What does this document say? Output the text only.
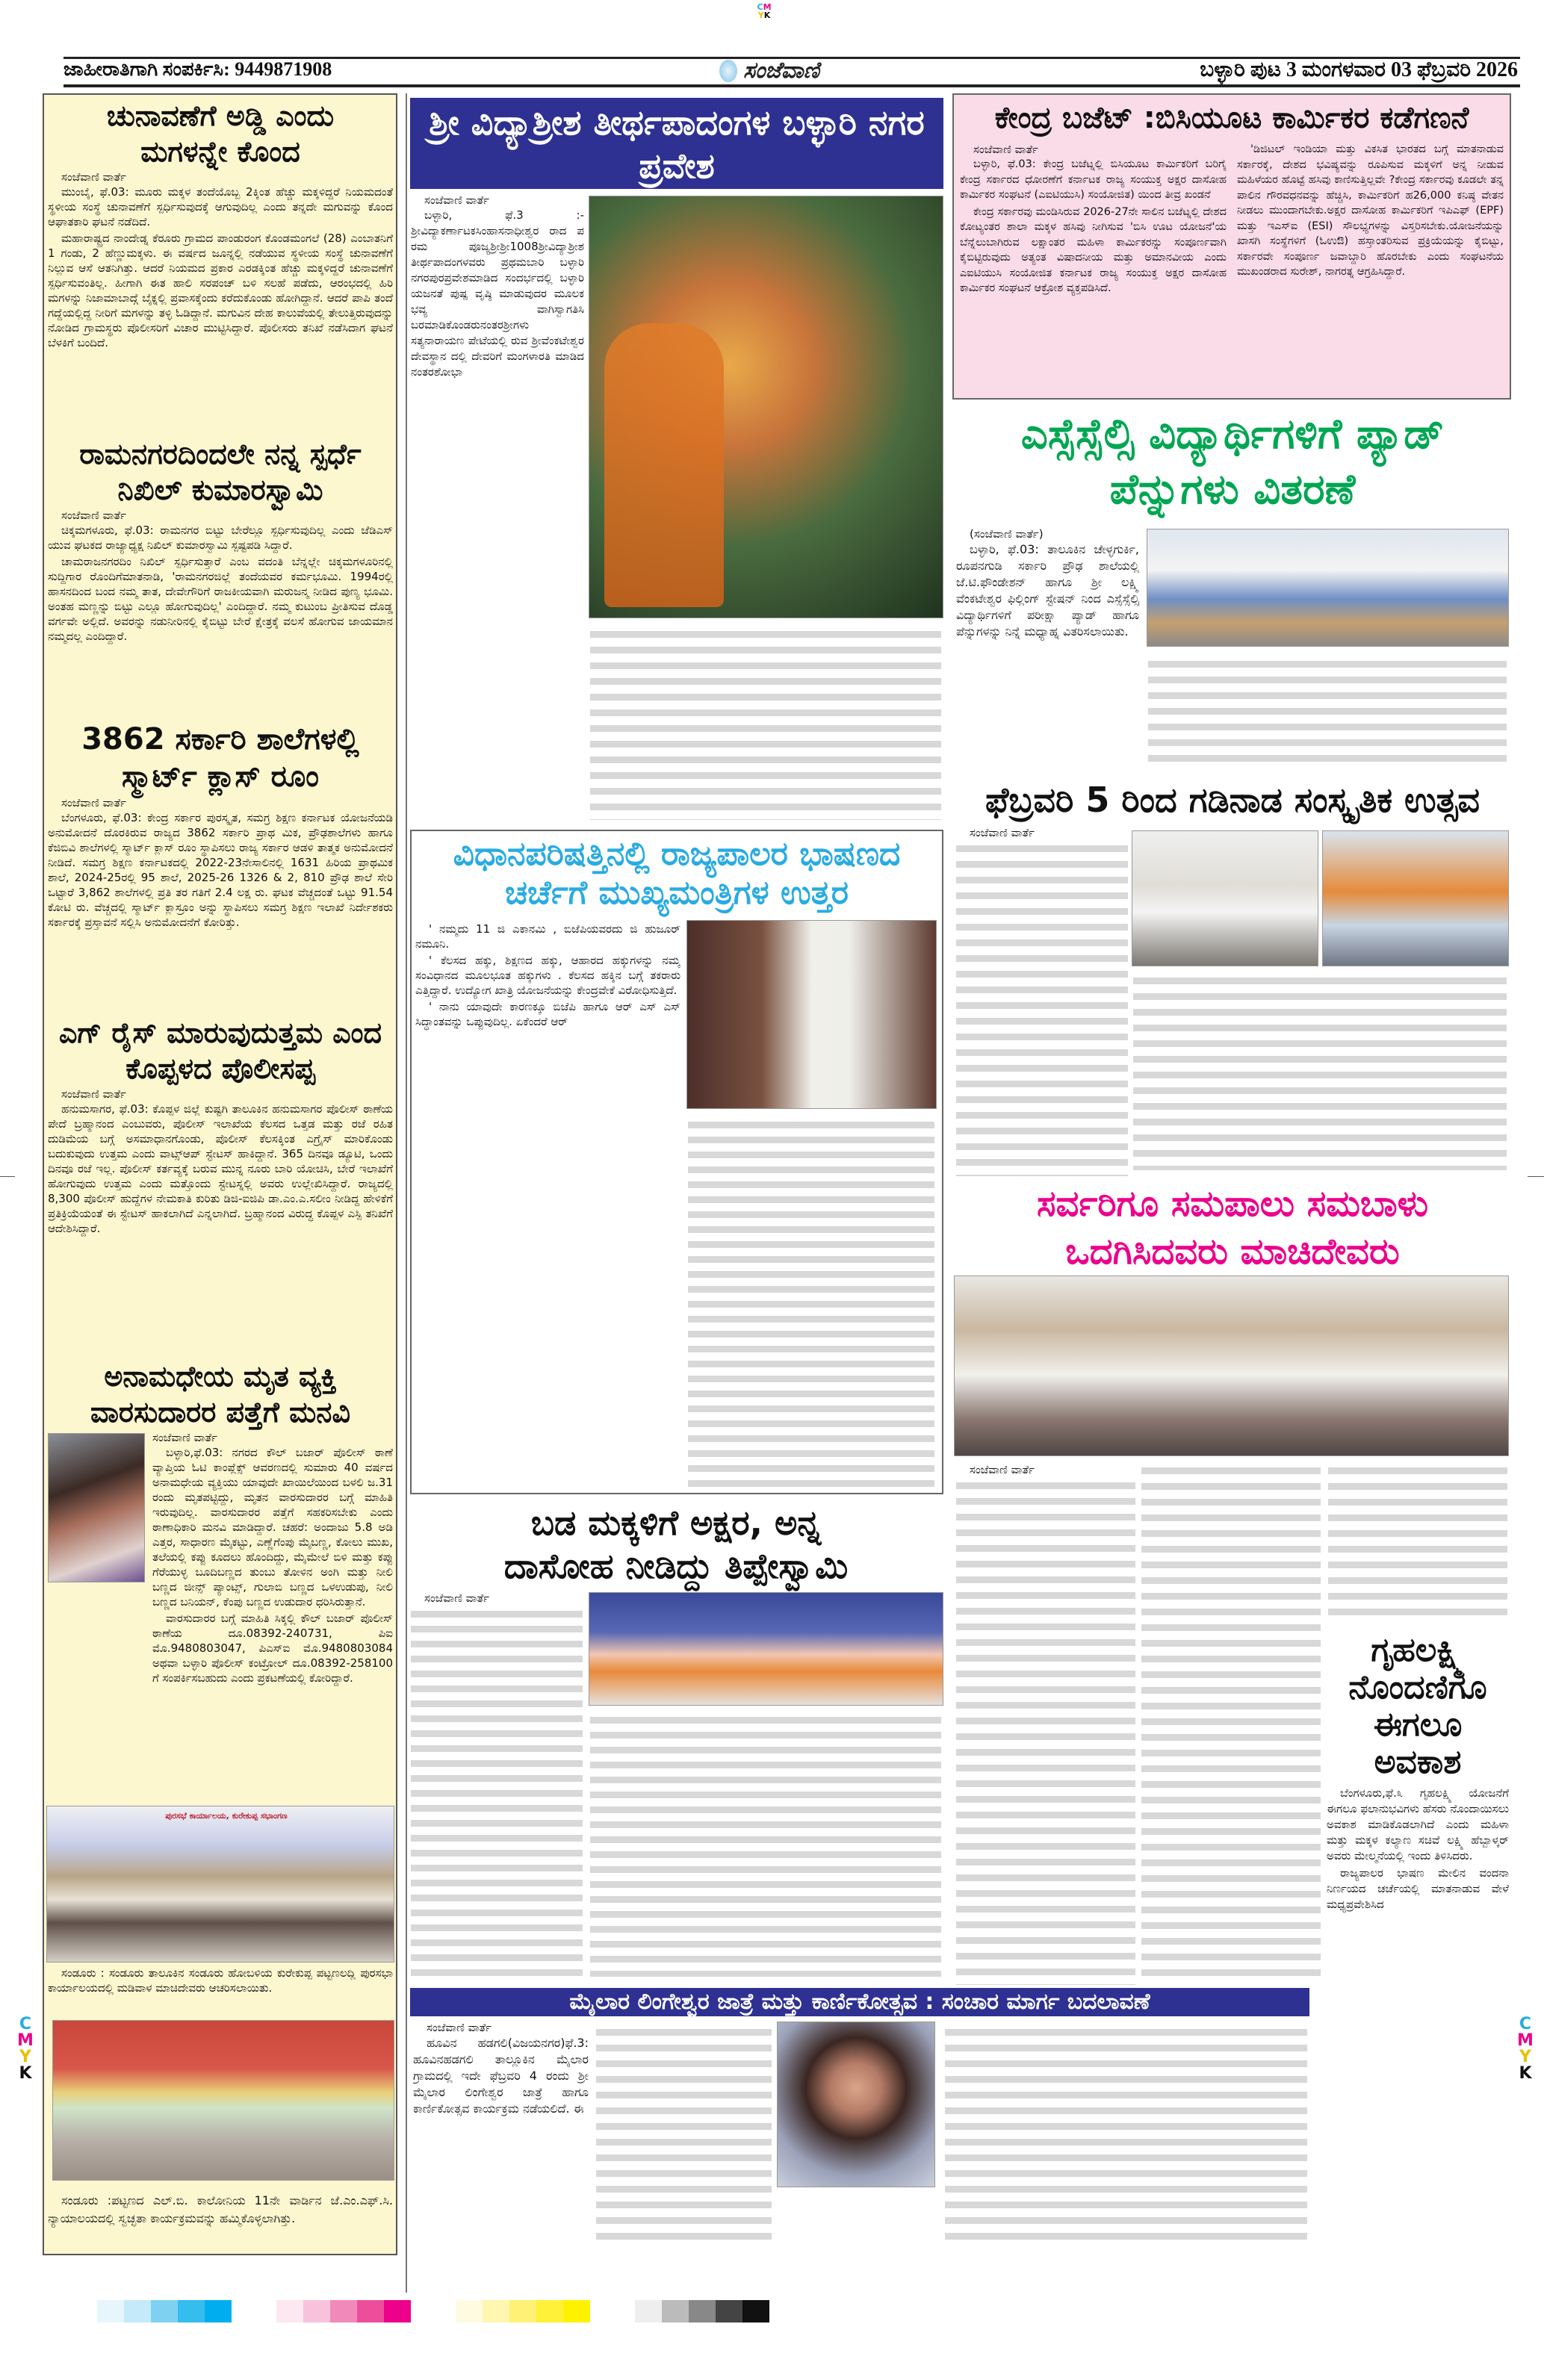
CM
YK
C
M
Y
K
C
M
Y
K
ಜಾಹೀರಾತಿಗಾಗಿ ಸಂಪರ್ಕಿಸಿ: 9449871908	ಸಂಜೆವಾಣಿ	ಬಳ್ಳಾರಿ ಪುಟ 3 ಮಂಗಳವಾರ 03 ಫೆಬ್ರವರಿ 2026
ಚುನಾವಣೆಗೆ ಅಡ್ಡಿ ಎಂದು ಮಗಳನ್ನೇ ಕೊಂದ
ಸಂಜೆವಾಣಿ ವಾರ್ತೆ

ಮುಂಬೈ, ಫೆ.03: ಮೂರು ಮಕ್ಕಳ ತಂದೆಯೊಬ್ಬ 2ಕ್ಕಿಂತ ಹೆಚ್ಚು ಮಕ್ಕಳಿದ್ದರೆ ನಿಯಮದಂತೆ ಸ್ಥಳೀಯ ಸಂಸ್ಥೆ ಚುನಾವಣೆಗೆ ಸ್ಪರ್ಧಿಸುವುದಕ್ಕೆ ಆಗುವುದಿಲ್ಲ ಎಂದು ತನ್ನದೇ ಮಗುವನ್ನು ಕೊಂದ ಆಘಾತಕಾರಿ ಘಟನೆ ನಡೆದಿದೆ.

ಮಹಾರಾಷ್ಟ್ರದ ನಾಂದೇಡ್ನ ಕೆರೂರು ಗ್ರಾಮದ ಪಾಂಡುರಂಗ ಕೊಂಡಮಂಗಲೆ (28) ಎಂಬಾತನಿಗೆ 1 ಗಂಡು, 2 ಹೆಣ್ಣುಮಕ್ಕಳು. ಈ ವರ್ಷದ ಜೂನ್ನಲ್ಲಿ ನಡೆಯುವ ಸ್ಥಳೀಯ ಸಂಸ್ಥೆ ಚುನಾವಣೆಗೆ ನಿಲ್ಲುವ ಆಸೆ ಆತನಿಗಿತ್ತು. ಆದರೆ ನಿಯಮದ ಪ್ರಕಾರ ಎರಡಕ್ಕಿಂತ ಹೆಚ್ಚು ಮಕ್ಕಳಿದ್ದರೆ ಚುನಾವಣೆಗೆ ಸ್ಪರ್ಧಿಸುವಂತಿಲ್ಲ. ಹೀಗಾಗಿ ಈತ ಹಾಲಿ ಸರಪಂಚ್ ಬಳಿ ಸಲಹೆ ಪಡೆದು, ಆರಂಭದಲ್ಲಿ ಹಿರಿ ಮಗಳನ್ನು ನಿಜಾಮಾಬಾದ್ಗೆ ಬೈಕ್ನಲ್ಲಿ ಪ್ರವಾಸಕ್ಕೆಂದು ಕರೆದುಕೊಂಡು ಹೋಗಿದ್ದಾನೆ. ಆದರೆ ಪಾಪಿ ತಂದೆ ಗದ್ದೆಯಲ್ಲಿದ್ದ ನೀರಿಗೆ ಮಗಳನ್ನು ತಳ್ಳಿ ಓಡಿದ್ದಾನೆ. ಮಗುವಿನ ದೇಹ ಕಾಲುವೆಯಲ್ಲಿ ತೇಲುತ್ತಿರುವುದನ್ನು ನೋಡಿದ ಗ್ರಾಮಸ್ಥರು ಪೊಲೀಸರಿಗೆ ವಿಚಾರ ಮುಟ್ಟಿಸಿದ್ದಾರೆ. ಪೊಲೀಸರು ತನಿಖೆ ನಡೆಸಿದಾಗ ಘಟನೆ ಬೆಳಕಿಗೆ ಬಂದಿದೆ.

ರಾಮನಗರದಿಂದಲೇ ನನ್ನ ಸ್ಪರ್ಧೆ ನಿಖಿಲ್ ಕುಮಾರಸ್ವಾಮಿ
ಸಂಜೆವಾಣಿ ವಾರ್ತೆ

ಚಿಕ್ಕಮಗಳೂರು, ಫೆ.03: ರಾಮನಗರ ಬಿಟ್ಟು ಬೇರೆಲ್ಲೂ ಸ್ಪರ್ಧಿಸುವುದಿಲ್ಲ ಎಂದು ಜೆಡಿಎಸ್ ಯುವ ಘಟಕದ ರಾಜ್ಯಾಧ್ಯಕ್ಷ ನಿಖಿಲ್ ಕುಮಾರಸ್ವಾಮಿ ಸ್ಪಷ್ಟಪಡಿ ಸಿದ್ದಾರೆ.

ಚಾಮರಾಜನಗರದಿಂ ನಿಖಿಲ್ ಸ್ಪರ್ಧಿಸುತ್ತಾರೆ ಎಂಬ ವದಂತಿ ಬೆನ್ನಲ್ಲೇ ಚಿಕ್ಕಮಗಳೂರಿನಲ್ಲಿ ಸುದ್ದಿಗಾರ ರೊಂದಿಗೆಮಾತನಾಡಿ, 'ರಾಮನಗರಜಿಲ್ಲೆ ತಂದೆಯವರ ಕರ್ಮಭೂಮಿ. 1994ರಲ್ಲಿ ಹಾಸನದಿಂದ ಬಂದ ನಮ್ಮ ತಾತ, ದೇವೇಗೌರಿಗೆ ರಾಜಕೀಯವಾಗಿ ಮರುಜನ್ಮ ನೀಡಿದ ಪುಣ್ಯ ಭೂಮಿ. ಅಂತಹ ಮಣ್ಣನ್ನು ಬಿಟ್ಟು ಎಲ್ಲೂ ಹೋಗುವುದಿಲ್ಲ' ಎಂದಿದ್ದಾರೆ. ನಮ್ಮ ಕುಟುಂಬ ಪ್ರೀತಿಸುವ ದೊಡ್ಡ ವರ್ಗವೇ ಅಲ್ಲಿದೆ. ಅವರನ್ನು ನಡುನೀರಿನಲ್ಲಿ ಕೈಬಿಟ್ಟು ಬೇರೆ ಕ್ಷೇತ್ರಕ್ಕೆ ವಲಸೆ ಹೋಗುವ ಜಾಯಮಾನ ನಮ್ಮದಲ್ಲ ಎಂದಿದ್ದಾರೆ.

3862 ಸರ್ಕಾರಿ ಶಾಲೆಗಳಲ್ಲಿ ಸ್ಮಾರ್ಟ್ ಕ್ಲಾಸ್ ರೂಂ
ಸಂಜೆವಾಣಿ ವಾರ್ತೆ

ಬೆಂಗಳೂರು, ಫೆ.03: ಕೇಂದ್ರ ಸರ್ಕಾರ ಪುರಸ್ಕೃತ, ಸಮಗ್ರ ಶಿಕ್ಷಣ ಕರ್ನಾಟಕ ಯೋಜನೆಯಡಿ ಅನುಮೋದನೆ ದೊರಕಿರುವ ರಾಜ್ಯದ 3862 ಸರ್ಕಾರಿ ಪ್ರಾಥ ಮಿಕ, ಪ್ರೌಢಶಾಲೆಗಳು ಹಾಗೂ ಕೆಜಿಬಿವಿ ಶಾಲೆಗಳಲ್ಲಿ ಸ್ಮಾರ್ಟ್ ಕ್ಲಾಸ್ ರೂಂ ಸ್ಥಾಪಿಸಲು ರಾಜ್ಯ ಸರ್ಕಾರ ಆಡಳಿ ತಾತ್ಮಕ ಅನುಮೋದನೆ ನೀಡಿದೆ. ಸಮಗ್ರ ಶಿಕ್ಷಣ ಕರ್ನಾಟಕದಲ್ಲಿ 2022-23ನೇಸಾಲಿನಲ್ಲಿ 1631 ಹಿರಿಯ ಪ್ರಾಥಮಿಕ ಶಾಲೆ, 2024-25ರಲ್ಲಿ 95 ಶಾಲೆ, 2025-26 1326 & 2, 810 ಪ್ರೌಢ ಶಾಲೆ ಸೇರಿ ಒಟ್ಟಾರೆ 3,862 ಶಾಲೆಗಳಲ್ಲಿ ಪ್ರತಿ ತರ ಗತಿಗೆ 2.4 ಲಕ್ಷ ರು. ಘಟಕ ವೆಚ್ಚದಂತೆ ಒಟ್ಟು 91.54 ಕೋಟಿ ರು. ವೆಚ್ಚದಲ್ಲಿ ಸ್ಮಾರ್ಟ್ ಕ್ಲಾಸ್ರೂಂ ಅನ್ನು ಸ್ಥಾಪಿಸಲು ಸಮಗ್ರ ಶಿಕ್ಷಣ ಇಲಾಖೆ ನಿರ್ದೇಶಕರು ಸರ್ಕಾರಕ್ಕೆ ಪ್ರಸ್ತಾವನೆ ಸಲ್ಲಿಸಿ ಅನುಮೋದನೆಗೆ ಕೋರಿತ್ತು.

ಎಗ್ ರೈಸ್ ಮಾರುವುದುತ್ತಮ ಎಂದ ಕೊಪ್ಪಳದ ಪೊಲೀಸಪ್ಪ
ಸಂಜೆವಾಣಿ ವಾರ್ತೆ

ಹನುಮಸಾಗರ, ಫೆ.03: ಕೊಪ್ಪಳ ಜಿಲ್ಲೆ ಕುಷ್ಟಗಿ ತಾಲೂಕಿನ ಹನುಮಸಾಗರ ಪೊಲೀಸ್ ಠಾಣೆಯ ಪೇದೆ ಬ್ರಹ್ಮಾನಂದ ಎಂಬುವರು, ಪೊಲೀಸ್ ಇಲಾಖೆಯ ಕೆಲಸದ ಒತ್ತಡ ಮತ್ತು ರಜೆ ರಹಿತ ದುಡಿಮೆಯ ಬಗ್ಗೆ ಅಸಮಾಧಾನಗೊಂಡು, ಪೊಲೀಸ್ ಕೆಲಸಕ್ಕಿಂತ ಎಗ್ರೈಸ್ ಮಾರಿಕೊಂಡು ಬದುಕುವುದು ಉತ್ತಮ ಎಂದು ವಾಟ್ಸ್ಆಪ್ ಸ್ಟೇಟಸ್ ಹಾಕಿದ್ದಾನೆ. 365 ದಿನವೂ ಡ್ಯೂಟಿ, ಒಂದು ದಿನವೂ ರಜೆ ಇಲ್ಲ. ಪೊಲೀಸ್ ಕರ್ತವ್ಯಕ್ಕೆ ಬರುವ ಮುನ್ನ ನೂರು ಬಾರಿ ಯೋಚಿಸಿ, ಬೇರೆ ಇಲಾಖೆಗೆ ಹೋಗುವುದು ಉತ್ತಮ ಎಂದು ಮತ್ತೊಂದು ಸ್ಟೇಟಸ್ನಲ್ಲಿ ಅವರು ಉಲ್ಲೇಖಿಸಿದ್ದಾರೆ. ರಾಜ್ಯದಲ್ಲಿ 8,300 ಪೊಲೀಸ್ ಹುದ್ದೆಗಳ ನೇಮಕಾತಿ ಕುರಿತು ಡಿಜಿ-ಐಜಿಪಿ ಡಾ.ಎಂ.ಎ.ಸಲೀಂ ನೀಡಿದ್ದ ಹೇಳಿಕೆಗೆ ಪ್ರತಿಕ್ರಿಯೆಯಂತೆ ಈ ಸ್ಟೇಟಸ್ ಹಾಕಲಾಗಿದೆ ಎನ್ನಲಾಗಿದೆ. ಬ್ರಹ್ಮಾನಂದ ವಿರುದ್ಧ ಕೊಪ್ಪಳ ಎಸ್ಪಿ ತನಿಖೆಗೆ ಆದೇಶಿಸಿದ್ದಾರೆ.

ಅನಾಮಧೇಯ ಮೃತ ವ್ಯಕ್ತಿ ವಾರಸುದಾರರ ಪತ್ತೆಗೆ ಮನವಿ
ಸಂಜೆವಾಣಿ ವಾರ್ತೆ

ಬಳ್ಳಾರಿ,ಫೆ.03: ನಗರದ ಕೌಲ್ ಬಜಾರ್ ಪೊಲೀಸ್ ಠಾಣೆ ವ್ಯಾಪ್ತಿಯ ಓಟಿ ಕಾಂಪ್ಲೆಕ್ಸ್ ಆವರಣದಲ್ಲಿ ಸುಮಾರು 40 ವರ್ಷದ ಅನಾಮಧೇಯ ವ್ಯಕ್ತಿಯು ಯಾವುದೇ ಖಾಯಿಲೆಯಿಂದ ಬಳಲಿ ಜ.31 ರಂದು ಮೃತಪಟ್ಟಿದ್ದು, ಮೃತನ ವಾರಸುದಾರರ ಬಗ್ಗೆ ಮಾಹಿತಿ ಇರುವುದಿಲ್ಲ. ವಾರಸುದಾರರ ಪತ್ತೆಗೆ ಸಹಕರಿಸಬೇಕು ಎಂದು ಠಾಣಾಧಿಕಾರಿ ಮನವಿ ಮಾಡಿದ್ದಾರೆ. ಚಹರೆ: ಅಂದಾಜು 5.8 ಅಡಿ ಎತ್ತರ, ಸಾಧಾರಣ ಮೈಕಟ್ಟು, ಎಣ್ಣೆಗೆಂಪು ಮೈಬಣ್ಣ, ಕೋಲು ಮುಖ, ತಲೆಯಲ್ಲಿ ಕಪ್ಪು ಕೂದಲು ಹೊಂದಿದ್ದು, ಮೈಮೇಲೆ ಬಿಳಿ ಮತ್ತು ಕಪ್ಪು ಗೆರೆಯುಳ್ಳ ಬೂದಿಬಣ್ಣದ ತುಂಬು ತೋಳಿನ ಅಂಗಿ ಮತ್ತು ನೀಲಿ ಬಣ್ಣದ ಜೀನ್ಸ್ ಪ್ಯಾಂಟ್ಸ್, ಗುಲಾಬಿ ಬಣ್ಣದ ಒಳಉಡುಪು, ನೀಲಿ ಬಣ್ಣದ ಬನಿಯನ್, ಕೆಂಪು ಬಣ್ಣದ ಉಡುದಾರ ಧರಿಸಿರುತ್ತಾನೆ.

ವಾರಸುದಾರರ ಬಗ್ಗೆ ಮಾಹಿತಿ ಸಿಕ್ಕಲ್ಲಿ ಕೌಲ್ ಬಜಾರ್ ಪೊಲೀಸ್ ಠಾಣೆಯ ದೂ.08392-240731, ಪಿಐ ಮೊ.9480803047, ಪಿಎಸ್ಐ ಮೊ.9480803084 ಅಥವಾ ಬಳ್ಳಾರಿ ಪೊಲೀಸ್ ಕಂಟ್ರೋಲ್ ದೂ.08392-258100 ಗೆ ಸಂಪರ್ಕಿಸಬಹುದು ಎಂದು ಪ್ರಕಟಣೆಯಲ್ಲಿ ಕೋರಿದ್ದಾರೆ.

ಪುರಸಭೆ ಕಾರ್ಯಾಲಯ, ಕುರೇಕುಪ್ಪ ಸಭಾಂಗಣ
ಸಂಡೂರು : ಸಂಡೂರು ತಾಲೂಕಿನ ಸಂಡೂರು ಹೋಬಳಿಯ ಕುರೇಕುಪ್ಪ ಪಟ್ಟಣಲದ್ಲಿ ಪುರಸಭಾ ಕಾರ್ಯಾಲಯದಲ್ಲಿ ಮಡಿವಾಳ ಮಾಚಿದೇವರು ಆಚರಿಸಲಾಯಿತು.
ಸಂಡೂರು :ಪಟ್ಟಣದ ಎಲ್.ಬಿ. ಕಾಲೋನಿಯ 11ನೇ ವಾರ್ಡಿನ ಜೆ.ಎಂ.ಎಫ್.ಸಿ. ನ್ಯಾಯಾಲಯದಲ್ಲಿ ಸ್ವಚ್ಛತಾ ಕಾರ್ಯಕ್ರಮವನ್ನು ಹಮ್ಮಿಕೊಳ್ಳಲಾಗಿತ್ತು.
ಶ್ರೀ ವಿದ್ಯಾಶ್ರೀಶ ತೀರ್ಥಪಾದಂಗಳ ಬಳ್ಳಾರಿ ನಗರ ಪ್ರವೇಶ
ಸಂಜೆವಾಣಿ ವಾರ್ತೆ

ಬಳ್ಳಾರಿ, ಫೆ.3 :-ಶ್ರೀವಿದ್ಯಾಕರ್ಣಾಟಕಸಿಂಹಾಸನಾಧೀಶ್ವರ ರಾದ ಪ ರಮ ಪೂಜ್ಯಶ್ರೀಶ್ರೀ1008ಶ್ರೀವಿದ್ಯಾಶ್ರೀಶ ತೀರ್ಥಪಾದಂಗಳವರು ಪ್ರಥಮಬಾರಿ ಬಳ್ಳಾರಿ ನಗರಪುರಪ್ರವೇಶಮಾಡಿದ ಸಂದರ್ಭದಲ್ಲಿ ಬಳ್ಳಾರಿ ಯಜನತೆ ಪುಷ್ಪ ವೃಷ್ಠಿ ಮಾಡುವುದರ ಮೂಲಕ ಭವ್ಯ ವಾಗಿಸ್ವಾಗತಿಸಿ ಬರಮಾಡಿಕೊಂಡರುನಂತರಶ್ರೀಗಳು ಸತ್ಯನಾರಾಯಣ ಪೇಟೆಯಲ್ಲಿ ರುವ ಶ್ರೀವೆಂಕಟೇಶ್ವರ ದೇವಸ್ಥಾನ ದಲ್ಲಿ ದೇವರಿಗೆ ಮಂಗಳಾರತಿ ಮಾಡಿದ ನಂತರಶೋಭಾ

ವಿಧಾನಪರಿಷತ್ತಿನಲ್ಲಿ ರಾಜ್ಯಪಾಲರ ಭಾಷಣದ ಚರ್ಚೆಗೆ ಮುಖ್ಯಮಂತ್ರಿಗಳ ಉತ್ತರ

' ನಮ್ಮದು 11 ಜಿ ಎಕಾನಮಿ , ಬಿಜೆಪಿಯವರದು ಜಿ ಹುಜೂರ್ ನಮೂನಿ.

' ಕೆಲಸದ ಹಕ್ಕು, ಶಿಕ್ಷಣದ ಹಕ್ಕು, ಆಹಾರದ ಹಕ್ಕುಗಳನ್ನು ನಮ್ಮ ಸಂವಿಧಾನದ ಮೂಲಭೂತ ಹಕ್ಕುಗಳು . ಕೆಲಸದ ಹಕ್ಕಿನ ಬಗ್ಗೆ ತಕರಾರು ಎತ್ತಿದ್ದಾರೆ. ಉದ್ಯೋಗ ಖಾತ್ರಿ ಯೋಜನೆಯನ್ನು ಕೇಂದ್ರವೇಕೆ ವಿರೋಧಿಸುತ್ತಿದೆ.

' ನಾನು ಯಾವುದೇ ಕಾರಣಕ್ಕೂ ಬಿಜೆಪಿ ಹಾಗೂ ಆರ್ ಎಸ್ ಎಸ್ ಸಿದ್ಧಾಂತವನ್ನು ಒಪ್ಪುವುದಿಲ್ಲ. ಏಕೆಂದರೆ ಆರ್

ಬಡ ಮಕ್ಕಳಿಗೆ ಅಕ್ಷರ, ಅನ್ನ ದಾಸೋಹ ನೀಡಿದ್ದು ತಿಪ್ಪೇಸ್ವಾಮಿ
ಸಂಜೆವಾಣಿ ವಾರ್ತೆ
ಮೈಲಾರ ಲಿಂಗೇಶ್ವರ ಜಾತ್ರೆ ಮತ್ತು ಕಾರ್ಣಿಕೋತ್ಸವ : ಸಂಚಾರ ಮಾರ್ಗ ಬದಲಾವಣೆ
ಸಂಜೆವಾಣಿ ವಾರ್ತೆ

ಹೂವಿನ ಹಡಗಲಿ(ವಿಜಯನಗರ)ಫೆ.3: ಹೂವಿನಹಡಗಲಿ ತಾಲ್ಲೂಕಿನ ಮೈಲಾರ ಗ್ರಾಮದಲ್ಲಿ ಇದೇ ಫೆಬ್ರವರಿ 4 ರಂದು ಶ್ರೀ ಮೈಲಾರ ಲಿಂಗೇಶ್ವರ ಜಾತ್ರೆ ಹಾಗೂ ಕಾರ್ಣಿಕೋತ್ಸವ ಕಾರ್ಯಕ್ರಮ ನಡೆಯಲಿದೆ. ಈ

ಕೇಂದ್ರ ಬಜೆಟ್ :ಬಿಸಿಯೂಟ ಕಾರ್ಮಿಕರ ಕಡೆಗಣನೆ
ಸಂಜೆವಾಣಿ ವಾರ್ತೆ

ಬಳ್ಳಾರಿ, ಫೆ.03: ಕೇಂದ್ರ ಬಜೆಟ್ನಲ್ಲಿ ಬಿಸಿಯೂಟ ಕಾರ್ಮಿಕರಿಗೆ ಬರಿಗೈ ಕೇಂದ್ರ ಸರ್ಕಾರದ ಧೋರಣೆಗೆ ಕರ್ನಾಟಕ ರಾಜ್ಯ ಸಂಯುಕ್ತ ಅಕ್ಷರ ದಾಸೋಹ ಕಾರ್ಮಿಕರ ಸಂಘಟನೆ (ಎಐಟಿಯುಸಿ) ಸಂಯೋಜಿತ) ಯಿಂದ ತೀವ್ರ ಖಂಡನೆ

ಕೇಂದ್ರ ಸರ್ಕಾರವು ಮಂಡಿಸಿರುವ 2026-27ನೇ ಸಾಲಿನ ಬಜೆಟ್ನಲ್ಲಿ ದೇಶದ ಕೋಟ್ಯಂತರ ಶಾಲಾ ಮಕ್ಕಳ ಹಸಿವು ನೀಗಿಸುವ 'ಬಿಸಿ ಊಟ ಯೋಜನೆ'ಯ ಬೆನ್ನೆಲುಬಾಗಿರುವ ಲಕ್ಷಾಂತರ ಮಹಿಳಾ ಕಾರ್ಮಿಕರನ್ನು ಸಂಪೂರ್ಣವಾಗಿ ಕೈಬಿಟ್ಟಿರುವುದು ಅತ್ಯಂತ ವಿಷಾದನೀಯ ಮತ್ತು ಅಮಾನವೀಯ ಎಂದು ಎಐಟಿಯುಸಿ ಸಂಯೋಜಿತ ಕರ್ನಾಟಕ ರಾಜ್ಯ ಸಂಯುಕ್ತ ಅಕ್ಷರ ದಾಸೋಹ ಕಾರ್ಮಿಕರ ಸಂಘಟನೆ ಆಕ್ರೋಶ ವ್ಯಕ್ತಪಡಿಸಿದೆ.

'ಡಿಜಿಟಲ್ ಇಂಡಿಯಾ ಮತ್ತು ವಿಕಸಿತ ಭಾರತದ ಬಗ್ಗೆ ಮಾತನಾಡುವ ಸರ್ಕಾರಕ್ಕೆ, ದೇಶದ ಭವಿಷ್ಯವನ್ನು ರೂಪಿಸುವ ಮಕ್ಕಳಿಗೆ ಅನ್ನ ನೀಡುವ ಮಹಿಳೆಯರ ಹೊಟ್ಟೆ ಹಸಿವು ಕಾಣಿಸುತ್ತಿಲ್ಲವೇ ?ಕೇಂದ್ರ ಸರ್ಕಾರವು ಕೂಡಲೇ ತನ್ನ ಪಾಲಿನ ಗೌರವಧನವನ್ನು ಹೆಚ್ಚಿಸಿ, ಕಾರ್ಮಿಕರಿಗೆ ಹ26,000 ಕನಿಷ್ಠ ವೇತನ ನೀಡಲು ಮುಂದಾಗಬೇಕು.ಅಕ್ಷರ ದಾಸೋಹ ಕಾರ್ಮಿಕರಿಗೆ ಇಪಿಎಫ್ (EPF) ಮತ್ತು ಇಎಸ್ಐ (ESI) ಸೌಲಭ್ಯಗಳನ್ನು ವಿಸ್ತರಿಸಬೇಕು.ಯೋಜನೆಯನ್ನು ಖಾಸಗಿ ಸಂಸ್ಥೆಗಳಿಗೆ (ಓಉಔ) ಹಸ್ತಾಂತರಿಸುವ ಪ್ರಕ್ರಿಯೆಯನ್ನು ಕೈಬಿಟ್ಟು, ಸರ್ಕಾರವೇ ಸಂಪೂರ್ಣ ಜವಾಬ್ದಾರಿ ಹೊರಬೇಕು ಎಂದು ಸಂಘಟನೆಯ ಮುಖಂಡರಾದ ಸುರೇಶ್, ನಾಗರತ್ನ ಆಗ್ರಹಿಸಿದ್ದಾರೆ.

ಎಸ್ಸೆಸ್ಸೆಲ್ಸಿ ವಿದ್ಯಾರ್ಥಿಗಳಿಗೆ ಪ್ಯಾಡ್ ಪೆನ್ನುಗಳು ವಿತರಣೆ
(ಸಂಜೆವಾಣಿ ವಾರ್ತೆ)

ಬಳ್ಳಾರಿ, ಫೆ.03: ತಾಲೂಕಿನ ಚೇಳ್ಳಗುರ್ಕಿ, ರೂಪನಗುಡಿ ಸರ್ಕಾರಿ ಪ್ರೌಢ ಶಾಲೆಯಲ್ಲಿ ಜೆ.ಟಿ.ಫೌಂಡೇಶನ್ ಹಾಗೂ ಶ್ರೀ ಲಕ್ಷ್ಮಿ ವೆಂಕಟೇಶ್ವರ ಫಿಲ್ಲಿಂಗ್ ಸ್ಟೇಷನ್ ನಿಂದ ಎಸ್ಸೆಸ್ಸೆಲ್ಸಿ ವಿದ್ಯಾರ್ಥಿಗಳಿಗೆ ಪರೀಕ್ಷಾ ಪ್ಯಾಡ್ ಹಾಗೂ ಪೆನ್ನುಗಳನ್ನು ನಿನ್ನೆ ಮಧ್ಯಾಹ್ನ ವಿತರಿಸಲಾಯಿತು.

ಫೆಬ್ರವರಿ 5 ರಿಂದ ಗಡಿನಾಡ ಸಂಸ್ಕೃತಿಕ ಉತ್ಸವ
ಸಂಜೆವಾಣಿ ವಾರ್ತೆ
ಸರ್ವರಿಗೂ ಸಮಪಾಲು ಸಮಬಾಳು ಒದಗಿಸಿದವರು ಮಾಚಿದೇವರು
ಸಂಜೆವಾಣಿ ವಾರ್ತೆ
ಗೃಹಲಕ್ಷ್ಮಿ ನೊಂದಣಿಗೂ ಈಗಲೂ ಅವಕಾಶ

ಬೆಂಗಳೂರು,ಫೆ.೩ ಗೃಹಲಕ್ಷ್ಮಿ ಯೋಜನೆಗೆ ಈಗಲೂ ಫಲಾನುಭವಿಗಳು ಹೆಸರು ನೊಂದಾಯಿಸಲು ಅವಕಾಶ ಮಾಡಿಕೊಡಲಾಗಿದೆ ಎಂದು ಮಹಿಳಾ ಮತ್ತು ಮಕ್ಕಳ ಕಲ್ಯಾಣ ಸಚಿವೆ ಲಕ್ಷ್ಮಿ ಹೆಬ್ಬಾಳ್ಕರ್ ಅವರು ಮೇಲ್ಮನೆಯಲ್ಲಿ ಇಂದು ತಿಳಿಸಿದರು.

ರಾಜ್ಯಪಾಲರ ಭಾಷಣ ಮೇಲಿನ ವಂದನಾ ನಿರ್ಣಯದ ಚರ್ಚೆಯಲ್ಲಿ ಮಾತನಾಡುವ ವೇಳೆ ಮಧ್ಯಪ್ರವೇಶಿಸಿದ
